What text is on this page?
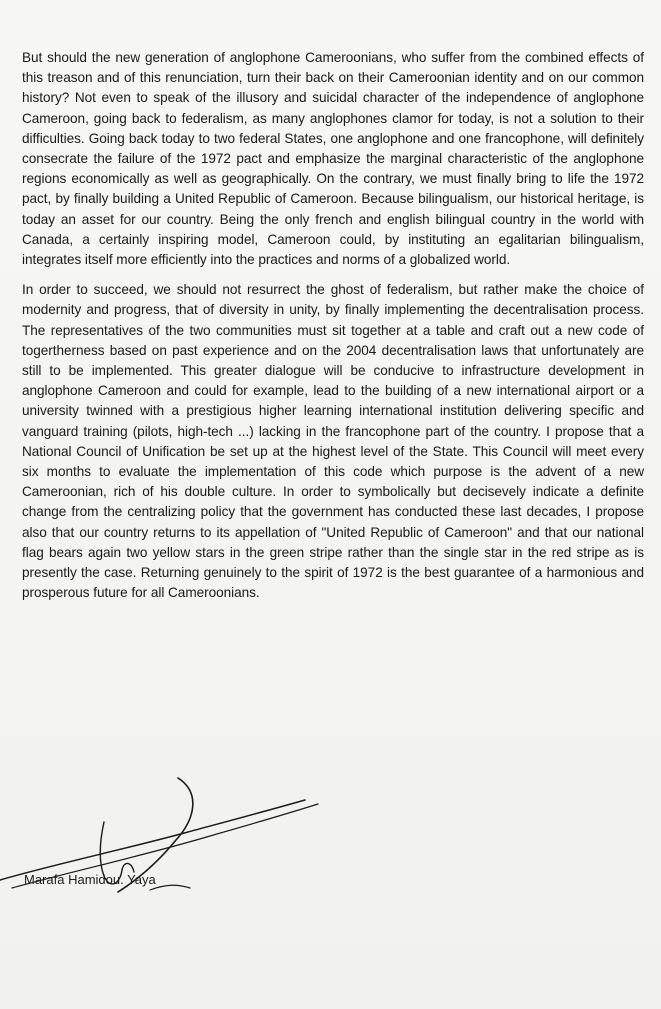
But should the new generation of anglophone Cameroonians, who suffer from the combined effects of this treason and of this renunciation, turn their back on their Cameroonian identity and on our common history? Not even to speak of the illusory and suicidal character of the independence of anglophone Cameroon, going back to federalism, as many anglophones clamor for today, is not a solution to their difficulties. Going back today to two federal States, one anglophone and one francophone, will definitely consecrate the failure of the 1972 pact and emphasize the marginal characteristic of the anglophone regions economically as well as geographically. On the contrary, we must finally bring to life the 1972 pact, by finally building a United Republic of Cameroon. Because bilingualism, our historical heritage, is today an asset for our country. Being the only french and english bilingual country in the world with Canada, a certainly inspiring model, Cameroon could, by instituting an egalitarian bilingualism, integrates itself more efficiently into the practices and norms of a globalized world.

In order to succeed, we should not resurrect the ghost of federalism, but rather make the choice of modernity and progress, that of diversity in unity, by finally implementing the decentralisation process. The representatives of the two communities must sit together at a table and craft out a new code of togertherness based on past experience and on the 2004 decentralisation laws that unfortunately are still to be implemented. This greater dialogue will be conducive to infrastructure development in anglophone Cameroon and could for example, lead to the building of a new international airport or a university twinned with a prestigious higher learning international institution delivering specific and vanguard training (pilots, high-tech ...) lacking in the francophone part of the country. I propose that a National Council of Unification be set up at the highest level of the State. This Council will meet every six months to evaluate the implementation of this code which purpose is the advent of a new Cameroonian, rich of his double culture. In order to symbolically but decisevely indicate a definite change from the centralizing policy that the government has conducted these last decades, I propose also that our country returns to its appellation of "United Republic of Cameroon" and that our national flag bears again two yellow stars in the green stripe rather than the single star in the red stripe as is presently the case. Returning genuinely to the spirit of 1972 is the best guarantee of a harmonious and prosperous future for all Cameroonians.

Marafa Hamidou. Yaya
